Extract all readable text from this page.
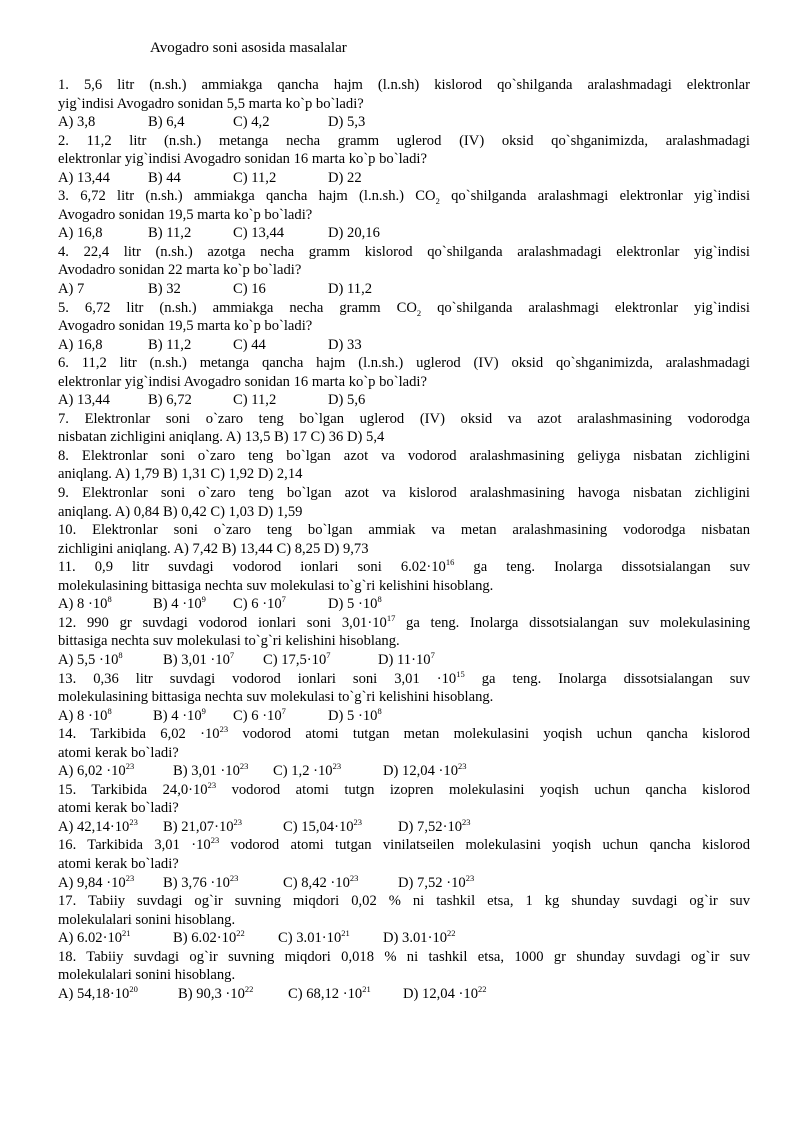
Avogadro soni asosida masalalar
1. 5,6 litr (n.sh.) ammiakga qancha hajm (l.n.sh) kislorod qo`shilganda aralashmadagi elektronlar
yig`indisi Avogadro sonidan 5,5 marta ko`p bo`ladi?
A) 3,8	B) 6,4	C) 4,2	D) 5,3
2. 11,2 litr (n.sh.) metanga necha gramm uglerod (IV) oksid qo`shganimizda, aralashmadagi
elektronlar yig`indisi Avogadro sonidan 16 marta ko`p bo`ladi?
A) 13,44	B) 44	C) 11,2	D) 22
3. 6,72 litr (n.sh.) ammiakga qancha hajm (l.n.sh.) $CO_2$ qo`shilganda aralashmagi elektronlar yig`indisi
Avogadro sonidan 19,5 marta ko`p bo`ladi?
A) 16,8	B) 11,2	C) 13,44	D) 20,16
4. 22,4 litr (n.sh.) azotga necha gramm kislorod qo`shilganda aralashmadagi elektronlar yig`indisi
Avodadro sonidan 22 marta ko`p bo`ladi?
A) 7	B) 32	C) 16	D) 11,2
5. 6,72 litr (n.sh.) ammiakga necha gramm $CO_2$ qo`shilganda aralashmagi elektronlar yig`indisi
Avogadro sonidan 19,5 marta ko`p bo`ladi?
A) 16,8	B) 11,2	C) 44	D) 33
6. 11,2 litr (n.sh.) metanga qancha hajm (l.n.sh.) uglerod (IV) oksid qo`shganimizda, aralashmadagi
elektronlar yig`indisi Avogadro sonidan 16 marta ko`p bo`ladi?
A) 13,44	B) 6,72	C) 11,2	D) 5,6
7. Elektronlar soni o`zaro teng bo`lgan uglerod (IV) oksid va azot aralashmasining vodorodga
nisbatan zichligini aniqlang. A) 13,5 B) 17 C) 36 D) 5,4
8. Elektronlar soni o`zaro teng bo`lgan azot va vodorod aralashmasining geliyga nisbatan zichligini
aniqlang. A) 1,79 B) 1,31 C) 1,92 D) 2,14
9. Elektronlar soni o`zaro teng bo`lgan azot va kislorod aralashmasining havoga nisbatan zichligini
aniqlang. A) 0,84 B) 0,42 C) 1,03 D) 1,59
10. Elektronlar soni o`zaro teng bo`lgan ammiak va metan aralashmasining vodorodga nisbatan
zichligini aniqlang. A) 7,42 B) 13,44 C) 8,25 D) 9,73
11. 0,9 litr suvdagi vodorod ionlari soni $6.02\cdot 10^{16}$ ga teng. Inolarga dissotsialangan suv
molekulasining bittasiga nechta suv molekulasi to`g`ri kelishini hisoblang.
A) $8 \cdot 10^8$	B) $4 \cdot 10^9$ C) $6 \cdot 10^7$	D) $5 \cdot 10^8$
12. 990 gr suvdagi vodorod ionlari soni $3,01\cdot 10^{17}$ ga teng. Inolarga dissotsialangan suv molekulasining
bittasiga nechta suv molekulasi to`g`ri kelishini hisoblang.
A) $5,5 \cdot 10^8$	B) $3,01 \cdot 10^7$ C) $17,5\cdot 10^7$	D) $11\cdot 10^7$
13. 0,36 litr suvdagi vodorod ionlari soni $3,01 \cdot 10^{15}$ ga teng. Inolarga dissotsialangan suv
molekulasining bittasiga nechta suv molekulasi to`g`ri kelishini hisoblang.
A) $8 \cdot 10^8$	B) $4 \cdot 10^9$ C) $6 \cdot 10^7$	D) $5 \cdot 10^8$
14. Tarkibida $6,02 \cdot 10^{23}$ vodorod atomi tutgan metan molekulasini yoqish uchun qancha kislorod
atomi kerak bo`ladi?
A) $6,02 \cdot 10^{23}$	B) $3,01 \cdot 10^{23}$ C) $1,2 \cdot 10^{23}$	D) $12,04 \cdot 10^{23}$
15. Tarkibida $24,0\cdot 10^{23}$ vodorod atomi tutgn izopren molekulasini yoqish uchun qancha kislorod
atomi kerak bo`ladi?
A) $42,14\cdot 10^{23}$ B) $21,07\cdot 10^{23}$	C) $15,04\cdot 10^{23}$ D) $7,52\cdot 10^{23}$
16. Tarkibida $3,01 \cdot 10^{23}$ vodorod atomi tutgan vinilatseilen molekulasini yoqish uchun qancha kislorod
atomi kerak bo`ladi?
A) $9,84 \cdot 10^{23}$ B) $3,76 \cdot 10^{23}$	C) $8,42 \cdot 10^{23}$	D) $7,52 \cdot 10^{23}$
17. Tabiiy suvdagi og`ir suvning miqdori 0,02 % ni tashkil etsa, 1 kg shunday suvdagi og`ir suv
molekulalari sonini hisoblang.
A) $6.02\cdot 10^{21}$	B) $6.02\cdot 10^{22}$ C) $3.01\cdot 10^{21}$ D) $3.01\cdot 10^{22}$
18. Tabiiy suvdagi og`ir suvning miqdori 0,018 % ni tashkil etsa, 1000 gr shunday suvdagi og`ir suv
molekulalari sonini hisoblang.
A) $54,18\cdot 10^{20}$	B) $90,3 \cdot 10^{22}$ C) $68,12 \cdot 10^{21}$ D) $12,04 \cdot 10^{22}$
